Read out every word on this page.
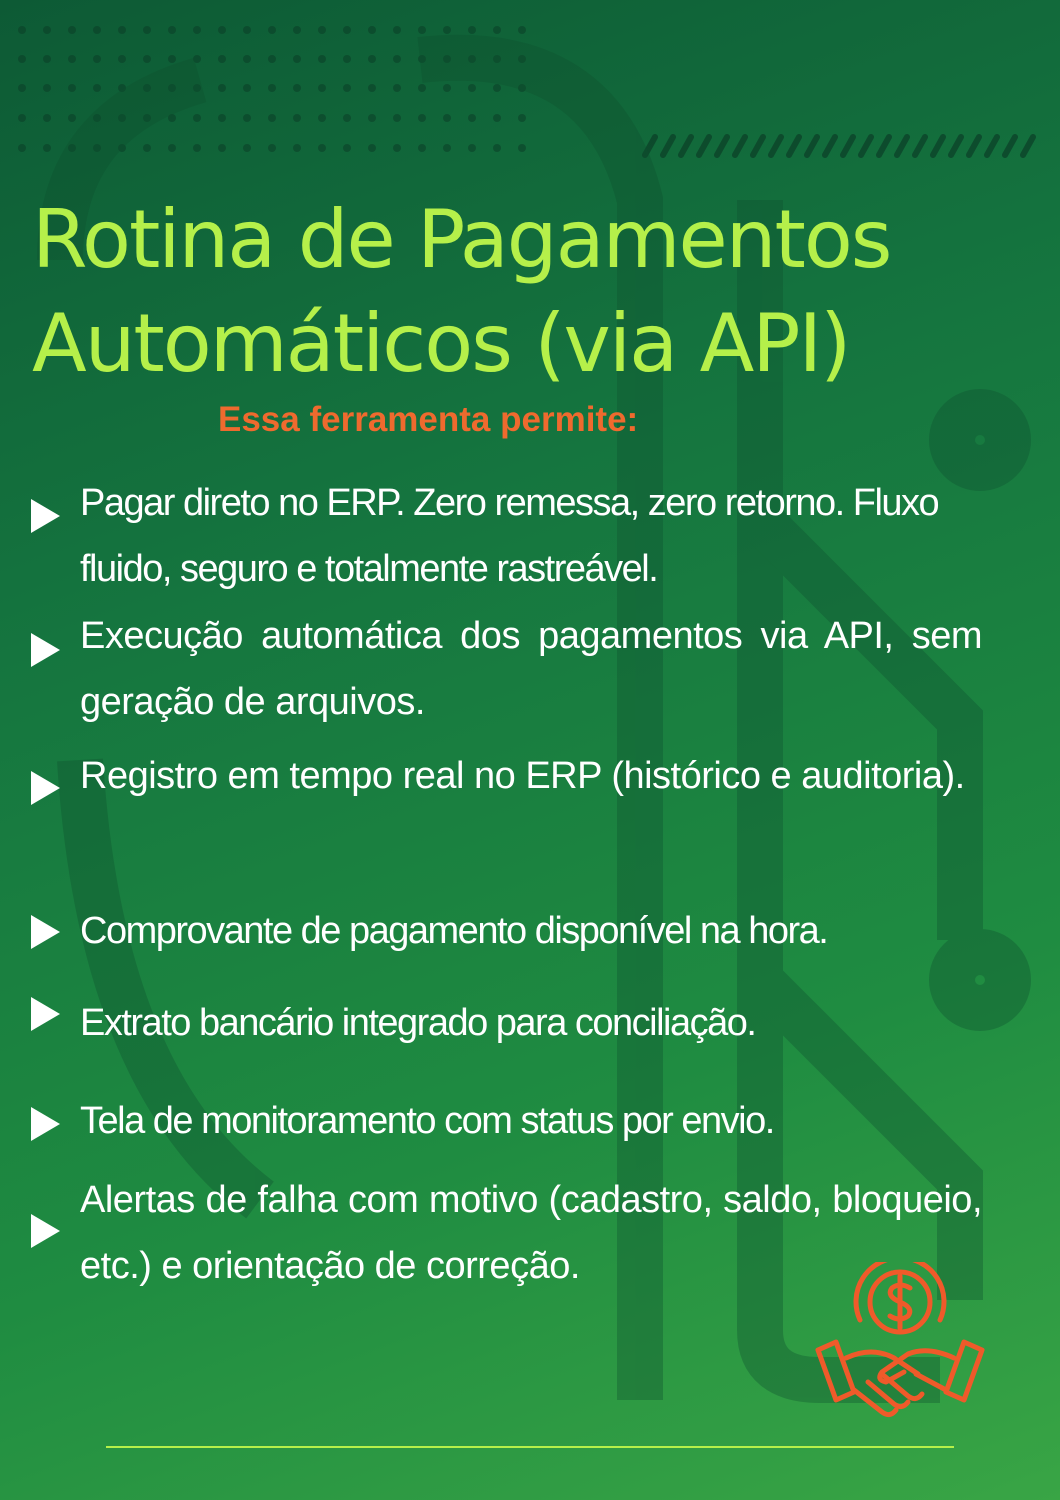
Rotina de Pagamentos
Automáticos (via API)

Essa ferramenta permite:

Pagar direto no ERP. Zero remessa, zero retorno. Fluxo fluido, seguro e totalmente rastreável.

Execução automática dos pagamentos via API, sem geração de arquivos.

Registro em tempo real no ERP (histórico e auditoria).

Comprovante de pagamento disponível na hora.

Extrato bancário integrado para conciliação.

Tela de monitoramento com status por envio.

Alertas de falha com motivo (cadastro, saldo, bloqueio, etc.) e orientação de correção.
